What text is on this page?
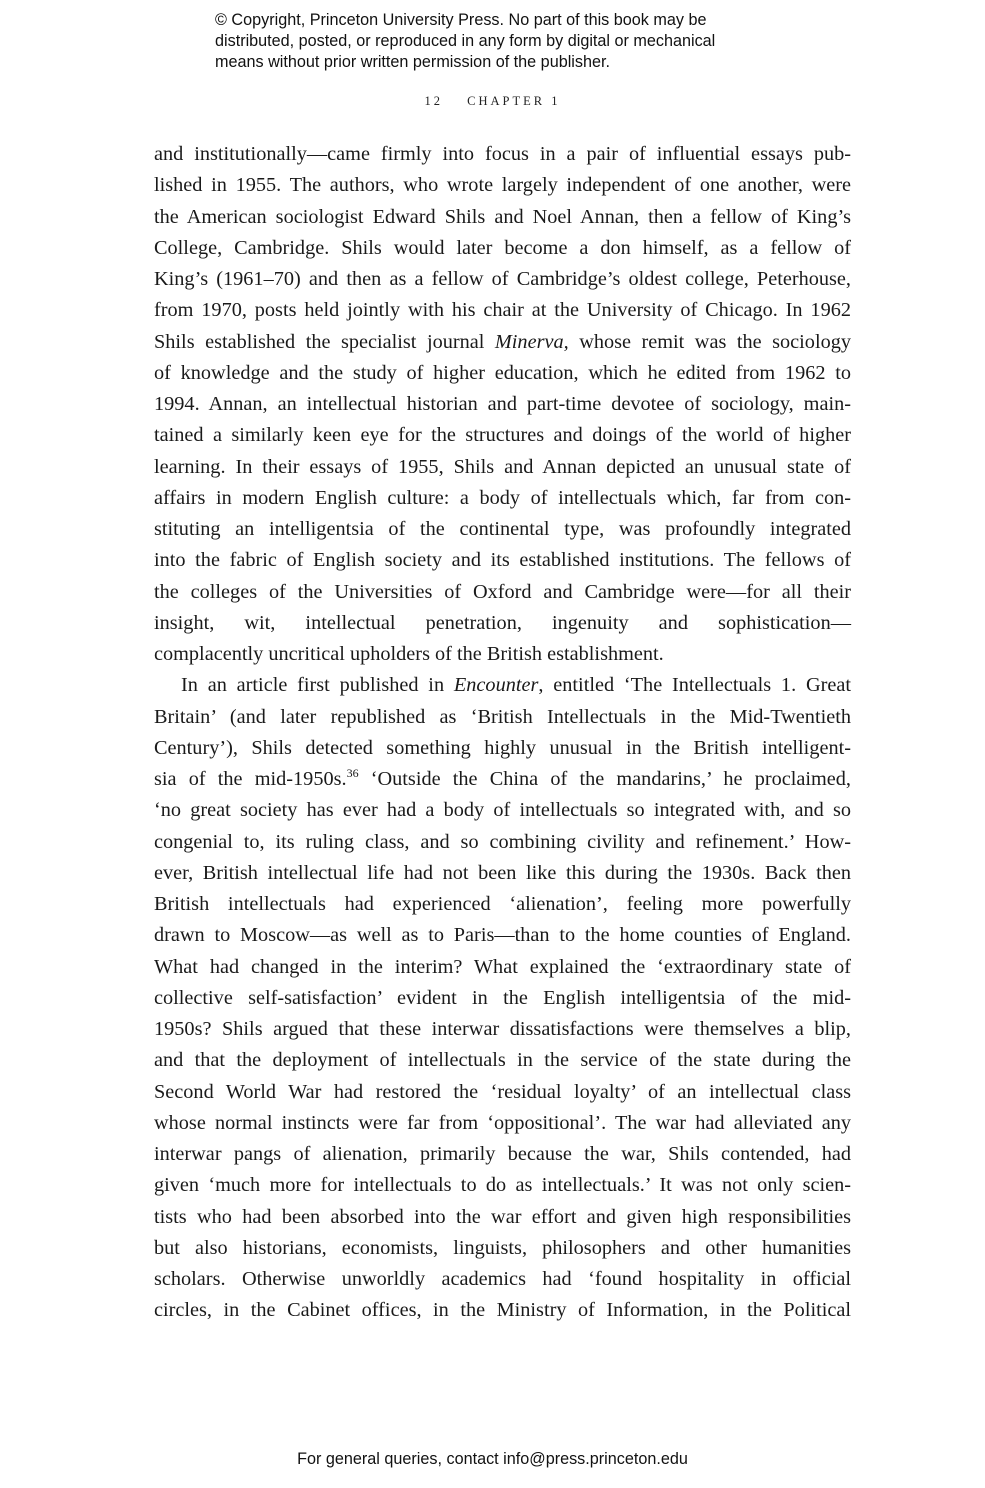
© Copyright, Princeton University Press. No part of this book may be
distributed, posted, or reproduced in any form by digital or mechanical
means without prior written permission of the publisher.
12 CHAPTER 1
and institutionally—came firmly into focus in a pair of influential essays pub-
lished in 1955. The authors, who wrote largely independent of one another, were
the American sociologist Edward Shils and Noel Annan, then a fellow of King’s
College, Cambridge. Shils would later become a don himself, as a fellow of
King’s (1961–70) and then as a fellow of Cambridge’s oldest college, Peterhouse,
from 1970, posts held jointly with his chair at the University of Chicago. In 1962
Shils established the specialist journal Minerva, whose remit was the sociology
of knowledge and the study of higher education, which he edited from 1962 to
1994. Annan, an intellectual historian and part-time devotee of sociology, main-
tained a similarly keen eye for the structures and doings of the world of higher
learning. In their essays of 1955, Shils and Annan depicted an unusual state of
affairs in modern English culture: a body of intellectuals which, far from con-
stituting an intelligentsia of the continental type, was profoundly integrated
into the fabric of English society and its established institutions. The fellows of
the colleges of the Universities of Oxford and Cambridge were—for all their
insight, wit, intellectual penetration, ingenuity and sophistication—
complacently uncritical upholders of the British establishment.
In an article first published in Encounter, entitled ‘The Intellectuals 1. Great
Britain’ (and later republished as ‘British Intellectuals in the Mid-Twentieth
Century’), Shils detected something highly unusual in the British intelligent-
sia of the mid-1950s.$^{36}$ ‘Outside the China of the mandarins,’ he proclaimed,
‘no great society has ever had a body of intellectuals so integrated with, and so
congenial to, its ruling class, and so combining civility and refinement.’ How-
ever, British intellectual life had not been like this during the 1930s. Back then
British intellectuals had experienced ‘alienation’, feeling more powerfully
drawn to Moscow—as well as to Paris—than to the home counties of England.
What had changed in the interim? What explained the ‘extraordinary state of
collective self-satisfaction’ evident in the English intelligentsia of the mid-
1950s? Shils argued that these interwar dissatisfactions were themselves a blip,
and that the deployment of intellectuals in the service of the state during the
Second World War had restored the ‘residual loyalty’ of an intellectual class
whose normal instincts were far from ‘oppositional’. The war had alleviated any
interwar pangs of alienation, primarily because the war, Shils contended, had
given ‘much more for intellectuals to do as intellectuals.’ It was not only scien-
tists who had been absorbed into the war effort and given high responsibilities
but also historians, economists, linguists, philosophers and other humanities
scholars. Otherwise unworldly academics had ‘found hospitality in official
circles, in the Cabinet offices, in the Ministry of Information, in the Political
For general queries, contact info@press.princeton.edu
